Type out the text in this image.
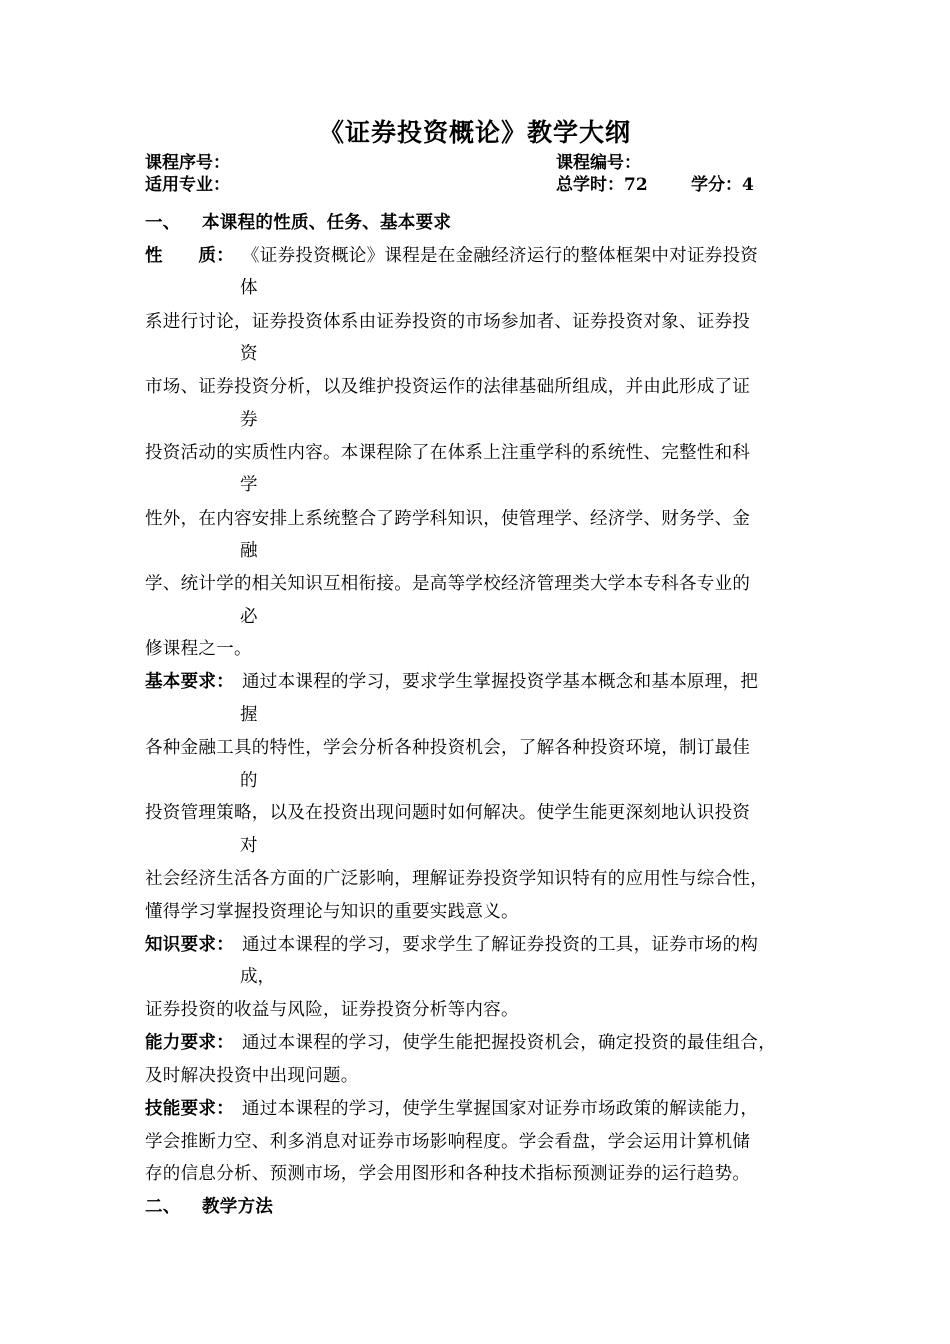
《证券投资概论》教学大纲
课程序号：	课程编号：
适用专业：	总学时：72	学分：4
一、 本课程的性质、任务、基本要求
性　　质： 《证券投资概论》课程是在金融经济运行的整体框架中对证券投资
体
系进行讨论，证券投资体系由证券投资的市场参加者、证券投资对象、证券投
资
市场、证券投资分析，以及维护投资运作的法律基础所组成，并由此形成了证
券
投资活动的实质性内容。本课程除了在体系上注重学科的系统性、完整性和科
学
性外，在内容安排上系统整合了跨学科知识，使管理学、经济学、财务学、金
融
学、统计学的相关知识互相衔接。是高等学校经济管理类大学本专科各专业的
必
修课程之一。
基本要求： 通过本课程的学习，要求学生掌握投资学基本概念和基本原理，把
握
各种金融工具的特性，学会分析各种投资机会，了解各种投资环境，制订最佳
的
投资管理策略，以及在投资出现问题时如何解决。使学生能更深刻地认识投资
对
社会经济生活各方面的广泛影响，理解证券投资学知识特有的应用性与综合性，
懂得学习掌握投资理论与知识的重要实践意义。
知识要求： 通过本课程的学习，要求学生了解证券投资的工具，证券市场的构
成，
证券投资的收益与风险，证券投资分析等内容。
能力要求： 通过本课程的学习，使学生能把握投资机会，确定投资的最佳组合，
及时解决投资中出现问题。
技能要求： 通过本课程的学习，使学生掌握国家对证券市场政策的解读能力，
学会推断力空、利多消息对证券市场影响程度。学会看盘，学会运用计算机储
存的信息分析、预测市场，学会用图形和各种技术指标预测证券的运行趋势。
二、 教学方法
